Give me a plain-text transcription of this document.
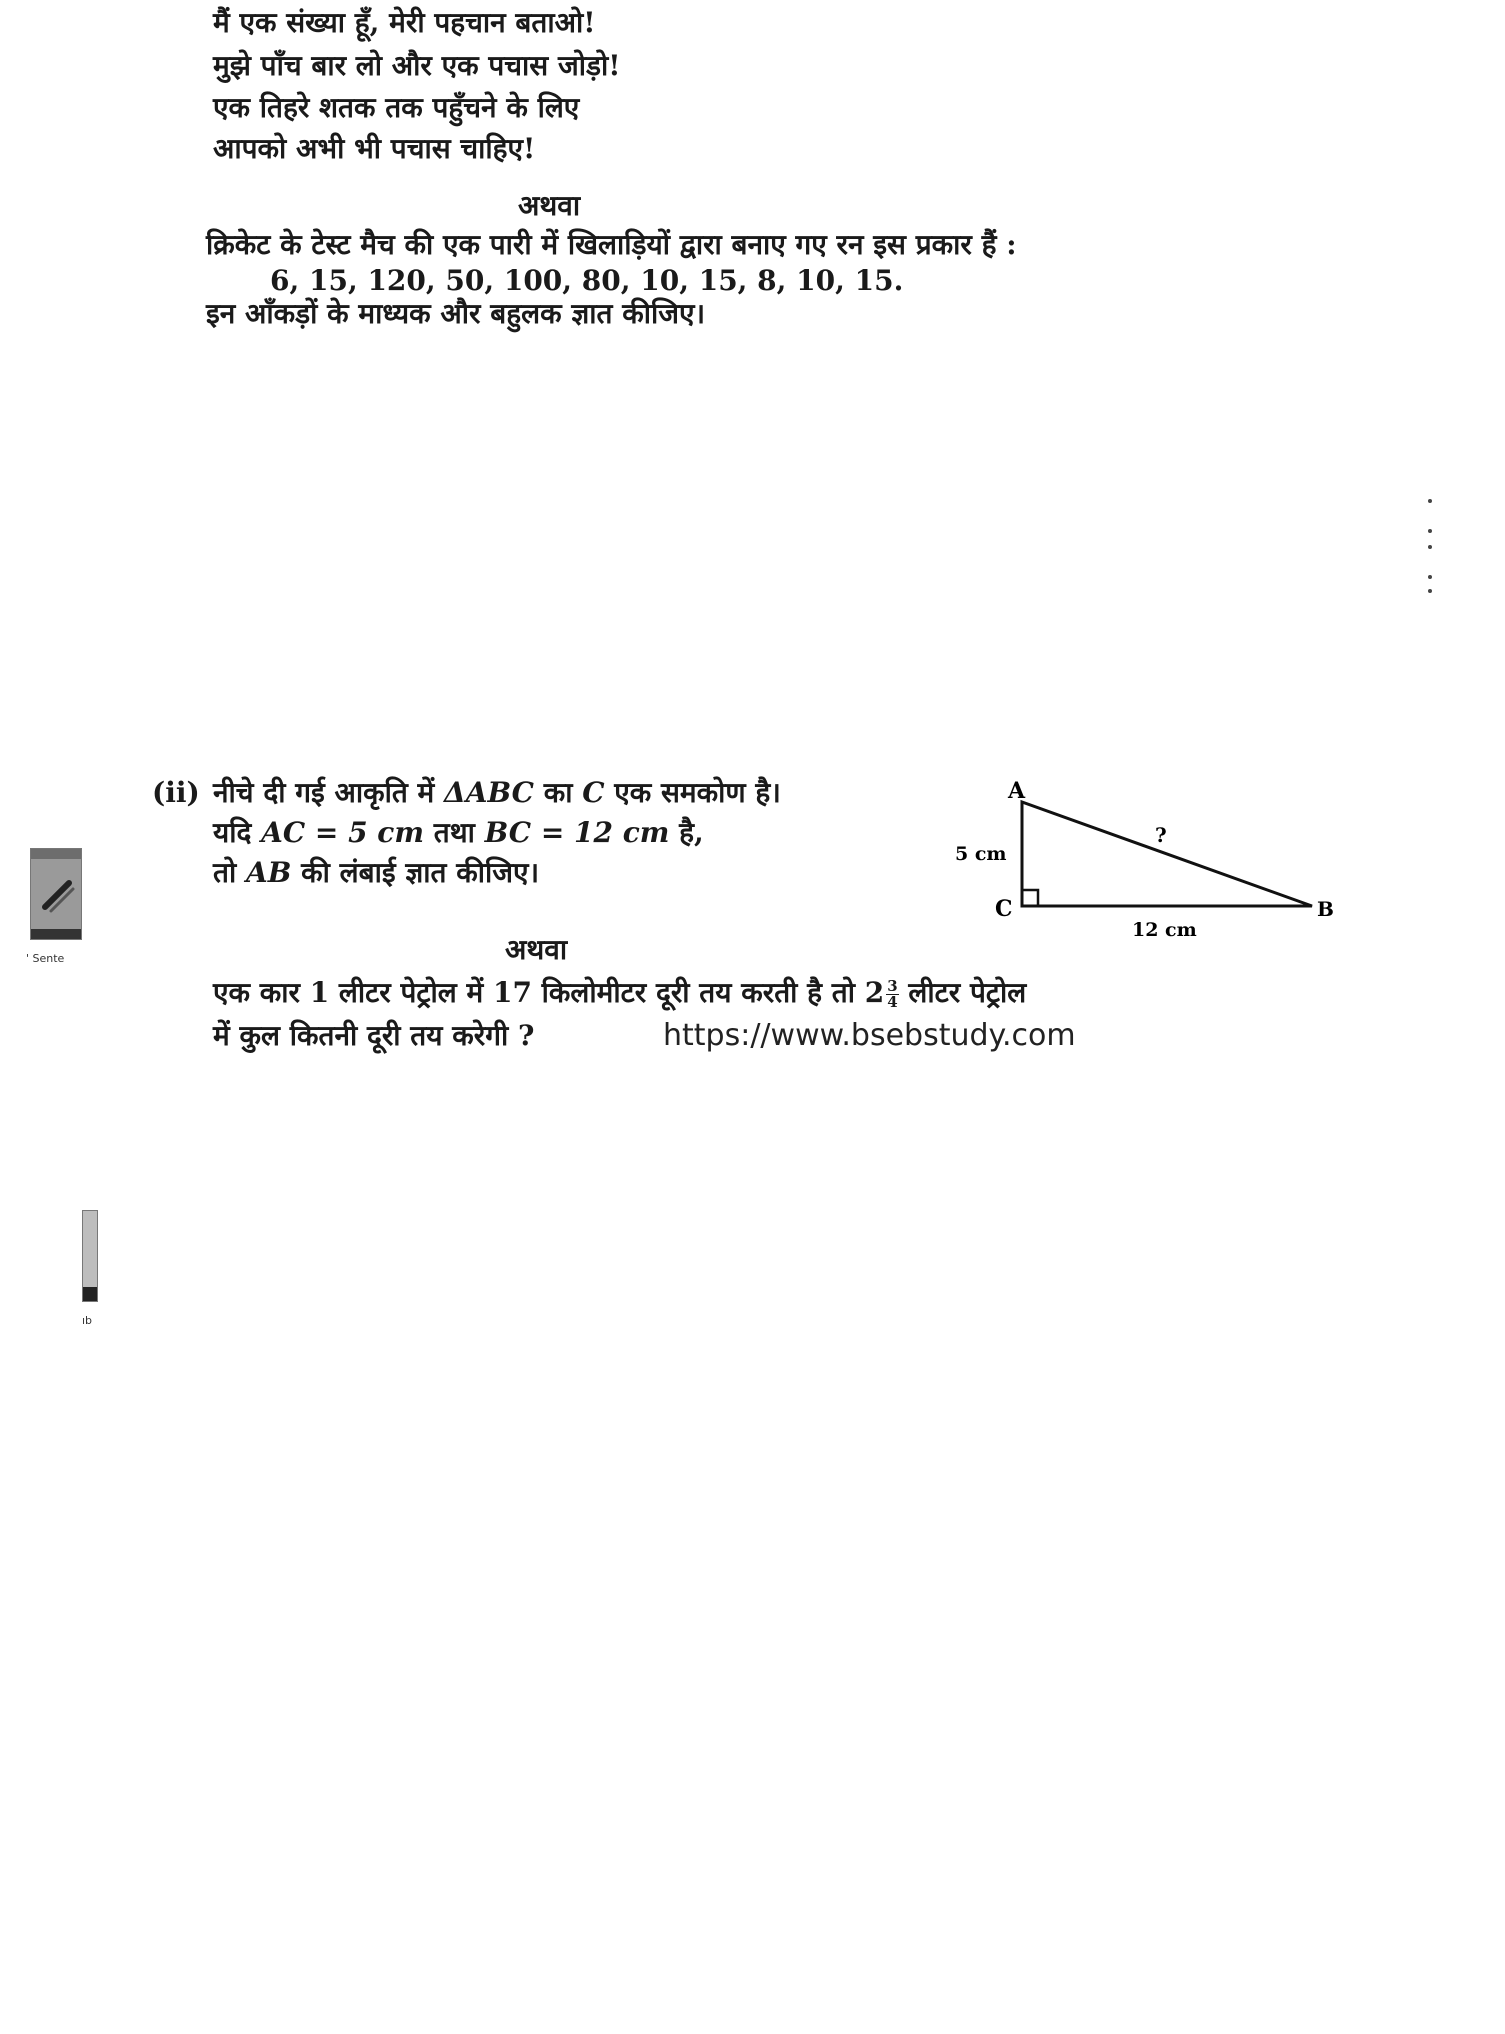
मैं एक संख्या हूँ, मेरी पहचान बताओ!
मुझे पाँच बार लो और एक पचास जोड़ो!
एक तिहरे शतक तक पहुँचने के लिए
आपको अभी भी पचास चाहिए!
अथवा
क्रिकेट के टेस्ट मैच की एक पारी में खिलाड़ियों द्वारा बनाए गए रन इस प्रकार हैं :
6, 15, 120, 50, 100, 80, 10, 15, 8, 10, 15.
इन आँकड़ों के माध्यक और बहुलक ज्ञात कीजिए।
(ii) नीचे दी गई आकृति में ΔABC का C एक समकोण है।
यदि AC = 5 cm तथा BC = 12 cm है,
तो AB की लंबाई ज्ञात कीजिए।
A
B
C
5 cm
12 cm
?
अथवा
एक कार 1 लीटर पेट्रोल में 17 किलोमीटर दूरी तय करती है तो $2 \frac{3}{4}$ लीटर पेट्रोल
में कुल कितनी दूरी तय करेगी ?	https://www.bsebstudy.com
' Sente
ıb
